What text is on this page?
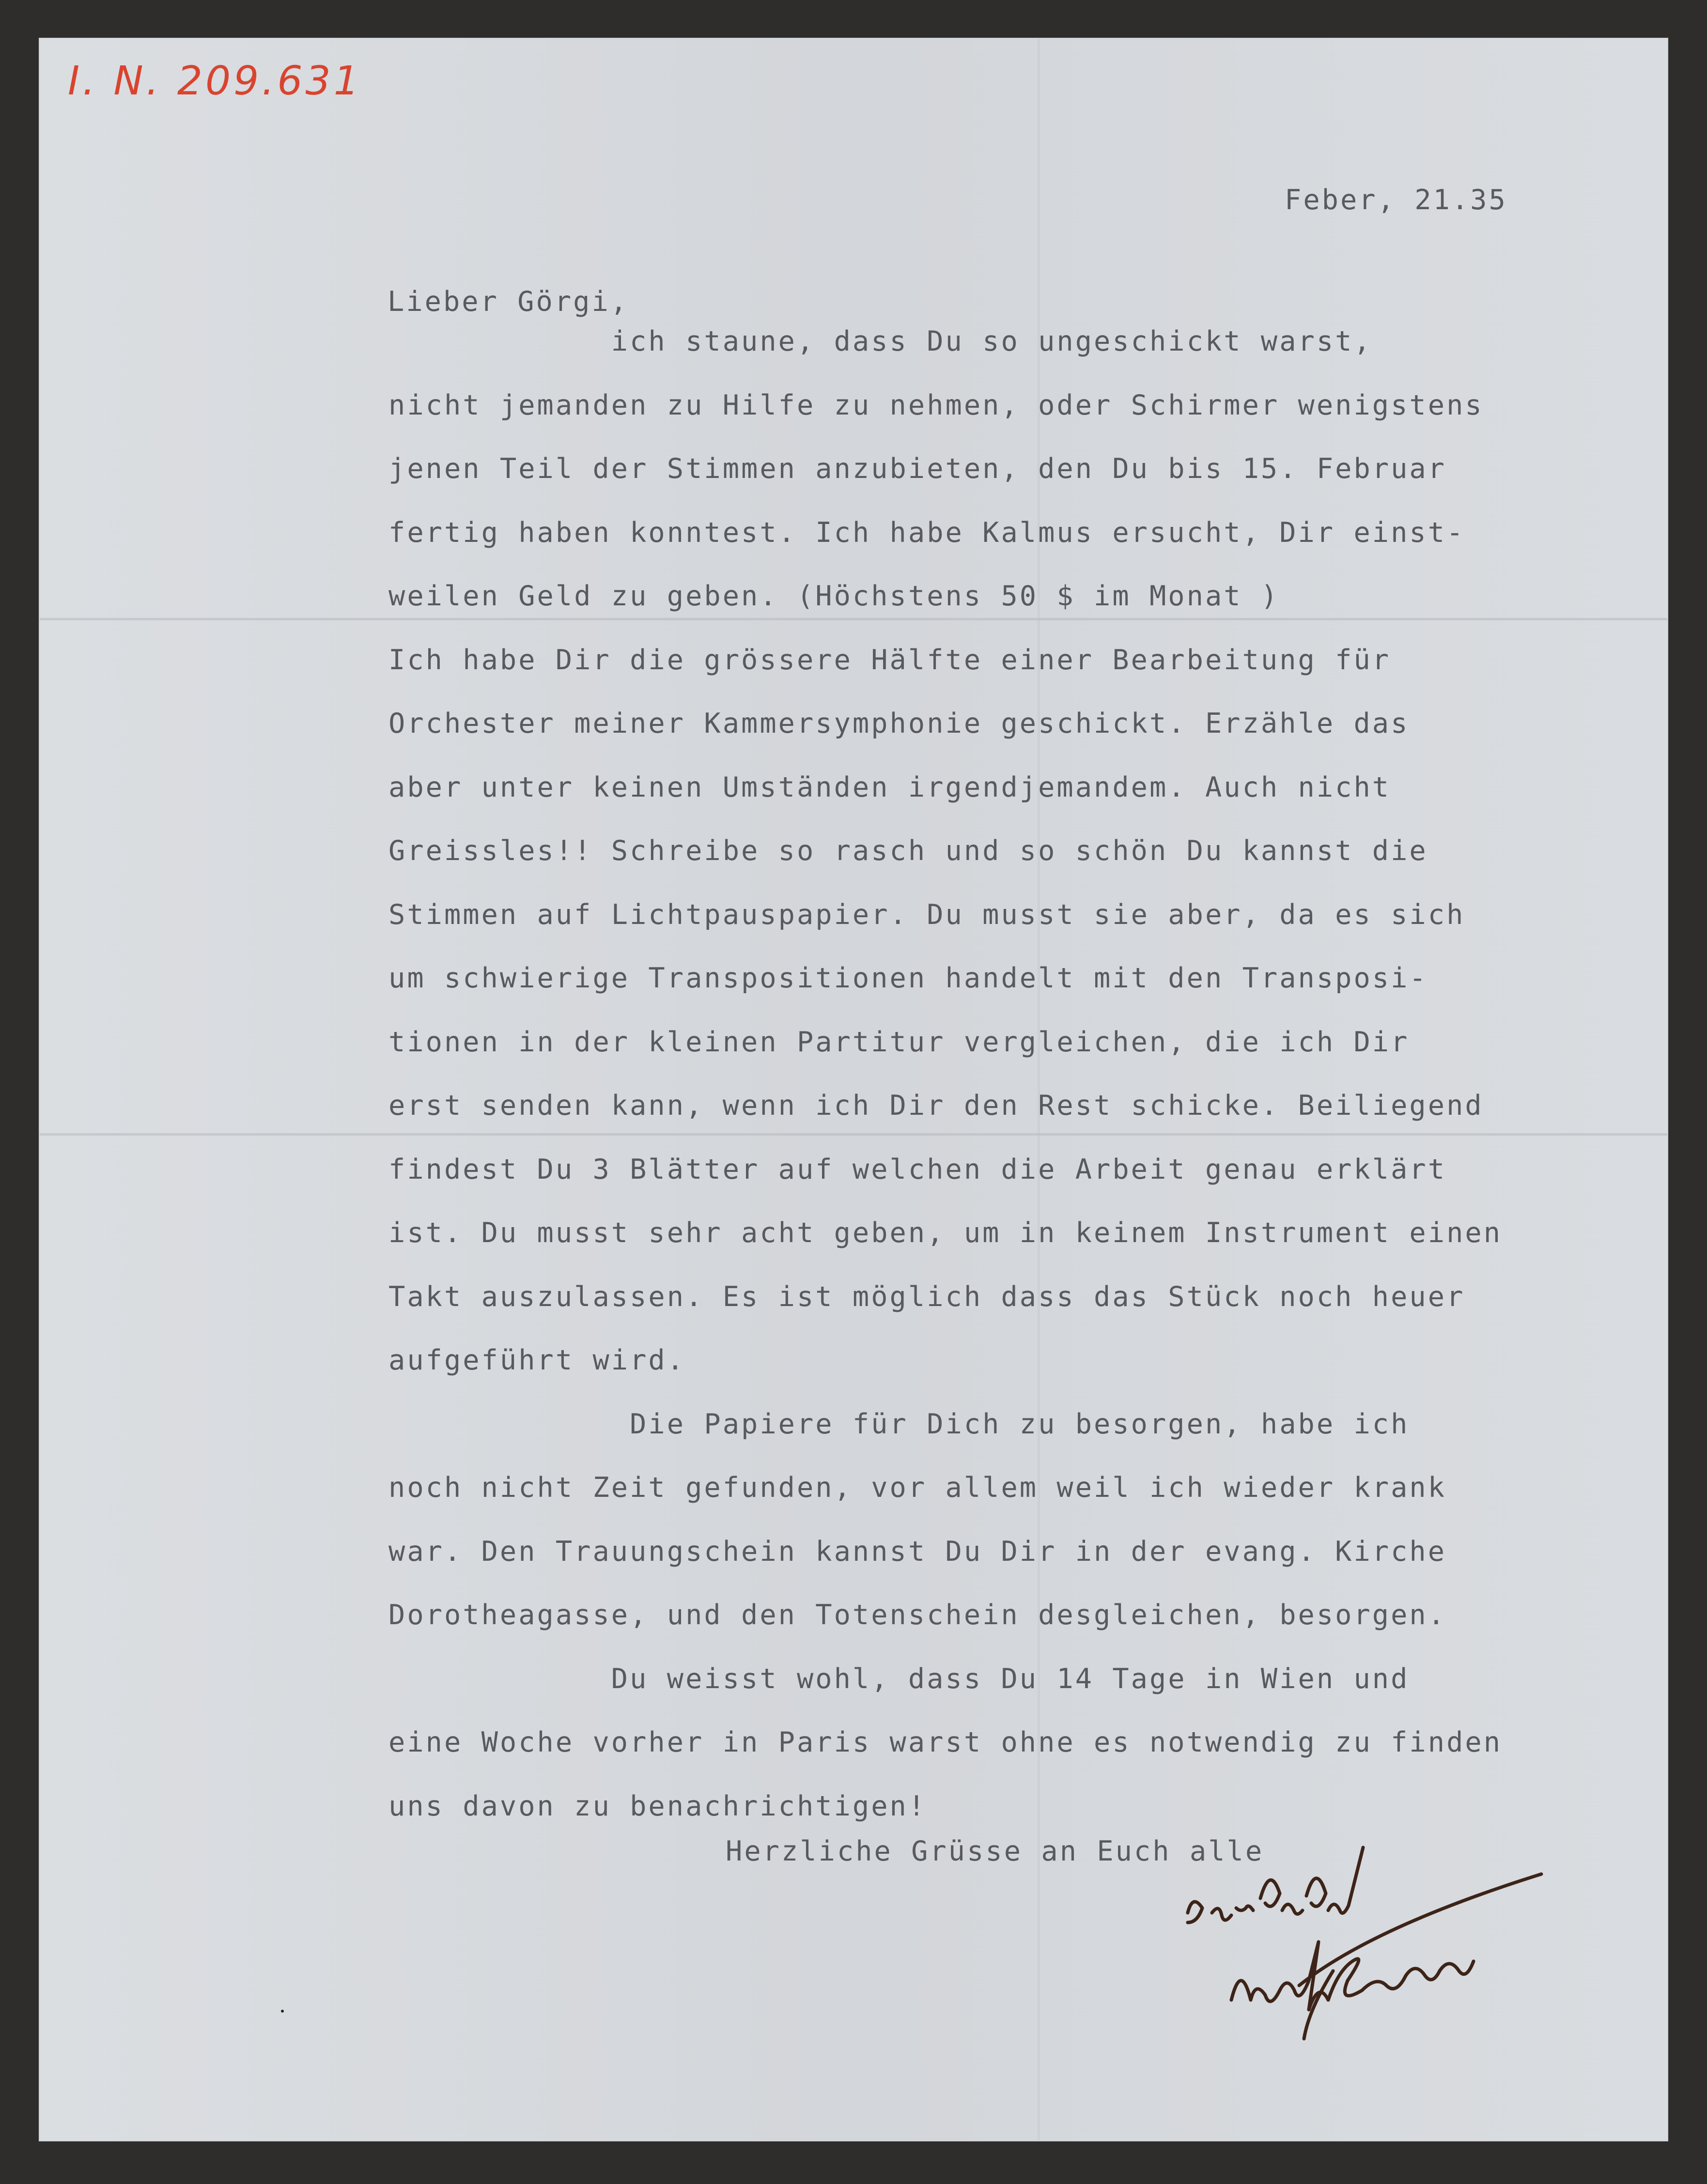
I. N. 209.631
Feber, 21.35
Lieber Görgi,
ich staune, dass Du so ungeschickt warst,
nicht jemanden zu Hilfe zu nehmen, oder Schirmer wenigstens
jenen Teil der Stimmen anzubieten, den Du bis 15. Februar
fertig haben konntest. Ich habe Kalmus ersucht, Dir einst-
weilen Geld zu geben. (Höchstens 50 $ im Monat )
Ich habe Dir die grössere Hälfte einer Bearbeitung für
Orchester meiner Kammersymphonie geschickt. Erzähle das
aber unter keinen Umständen irgendjemandem. Auch nicht
Greissles!! Schreibe so rasch und so schön Du kannst die
Stimmen auf Lichtpauspapier. Du musst sie aber, da es sich
um schwierige Transpositionen handelt mit den Transposi-
tionen in der kleinen Partitur vergleichen, die ich Dir
erst senden kann, wenn ich Dir den Rest schicke. Beiliegend
findest Du 3 Blätter auf welchen die Arbeit genau erklärt
ist. Du musst sehr acht geben, um in keinem Instrument einen
Takt auszulassen. Es ist möglich dass das Stück noch heuer
aufgeführt wird.
Die Papiere für Dich zu besorgen, habe ich
noch nicht Zeit gefunden, vor allem weil ich wieder krank
war. Den Trauungschein kannst Du Dir in der evang. Kirche
Dorotheagasse, und den Totenschein desgleichen, besorgen.
Du weisst wohl, dass Du 14 Tage in Wien und
eine Woche vorher in Paris warst ohne es notwendig zu finden
uns davon zu benachrichtigen!
Herzliche Grüsse an Euch alle
